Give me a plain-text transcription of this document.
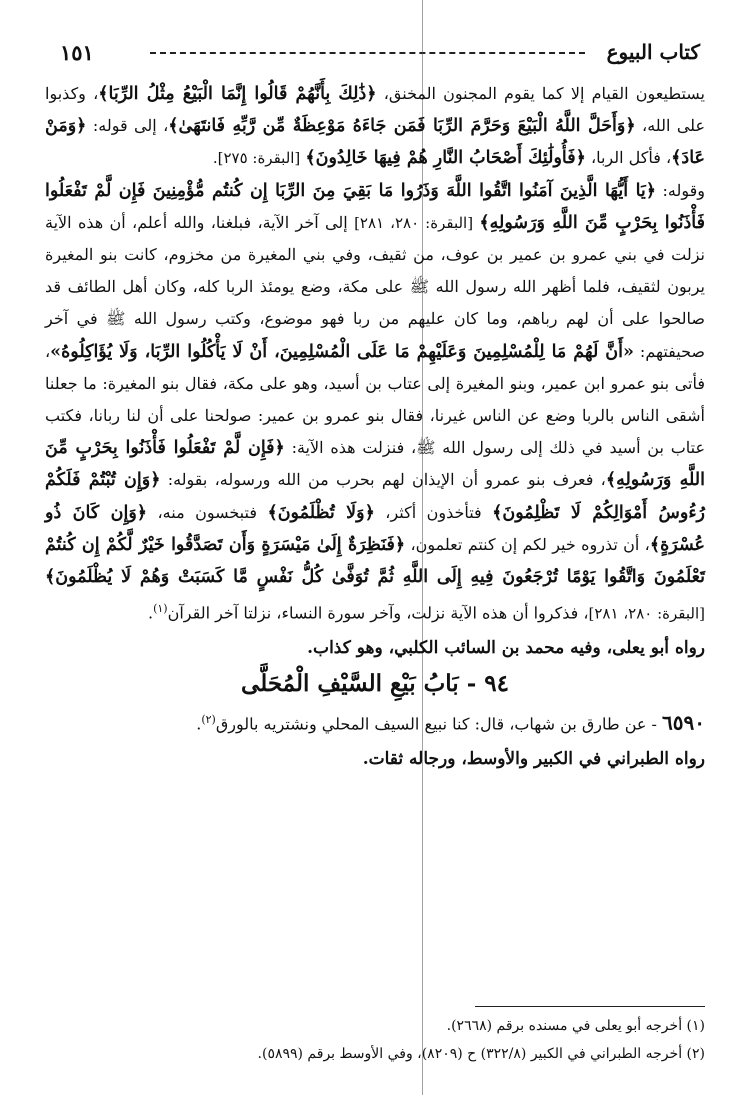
كتاب البيوع
١٥١

يستطيعون القيام إلا كما يقوم المجنون المخنق، ﴿ذَٰلِكَ بِأَنَّهُمْ قَالُوا إِنَّمَا الْبَيْعُ مِثْلُ الرِّبَا﴾، وكذبوا على الله، ﴿وَأَحَلَّ اللَّهُ الْبَيْعَ وَحَرَّمَ الرِّبَا فَمَن جَاءَهُ مَوْعِظَةٌ مِّن رَّبِّهِ فَانتَهَىٰ﴾، إلى قوله: ﴿وَمَنْ عَادَ﴾، فأكل الربا، ﴿فَأُولَٰئِكَ أَصْحَابُ النَّارِ هُمْ فِيهَا خَالِدُونَ﴾ [البقرة: ٢٧٥].

وقوله: ﴿يَا أَيُّهَا الَّذِينَ آمَنُوا اتَّقُوا اللَّهَ وَذَرُوا مَا بَقِيَ مِنَ الرِّبَا إِن كُنتُم مُّؤْمِنِينَ فَإِن لَّمْ تَفْعَلُوا فَأْذَنُوا بِحَرْبٍ مِّنَ اللَّهِ وَرَسُولِهِ﴾ [البقرة: ٢٨٠، ٢٨١] إلى آخر الآية، فبلغنا، والله أعلم، أن هذه الآية نزلت في بني عمرو بن عمير بن عوف، من ثقيف، وفي بني المغيرة من مخزوم، كانت بنو المغيرة يربون لثقيف، فلما أظهر الله رسول الله ﷺ على مكة، وضع يومئذ الربا كله، وكان أهل الطائف قد صالحوا على أن لهم رباهم، وما كان عليهم من ربا فهو موضوع، وكتب رسول الله ﷺ في آخر صحيفتهم: «أَنَّ لَهُمْ مَا لِلْمُسْلِمِينَ وَعَلَيْهِمْ مَا عَلَى الْمُسْلِمِينَ، أَنْ لَا يَأْكُلُوا الرِّبَا، وَلَا يُؤَاكِلُوهُ»، فأتى بنو عمرو ابن عمير، وبنو المغيرة إلى عتاب بن أسيد، وهو على مكة، فقال بنو المغيرة: ما جعلنا أشقى الناس بالربا وضع عن الناس غيرنا، فقال بنو عمرو بن عمير: صولحنا على أن لنا ربانا، فكتب عتاب بن أسيد في ذلك إلى رسول الله ﷺ، فنزلت هذه الآية: ﴿فَإِن لَّمْ تَفْعَلُوا فَأْذَنُوا بِحَرْبٍ مِّنَ اللَّهِ وَرَسُولِهِ﴾، فعرف بنو عمرو أن الإيذان لهم بحرب من الله ورسوله، بقوله: ﴿وَإِن تُبْتُمْ فَلَكُمْ رُءُوسُ أَمْوَالِكُمْ لَا تَظْلِمُونَ﴾ فتأخذون أكثر، ﴿وَلَا تُظْلَمُونَ﴾ فتبخسون منه، ﴿وَإِن كَانَ ذُو عُسْرَةٍ﴾، أن تذروه خير لكم إن كنتم تعلمون، ﴿فَنَظِرَةٌ إِلَىٰ مَيْسَرَةٍ وَأَن تَصَدَّقُوا خَيْرٌ لَّكُمْ إِن كُنتُمْ تَعْلَمُونَ وَاتَّقُوا يَوْمًا تُرْجَعُونَ فِيهِ إِلَى اللَّهِ ثُمَّ تُوَفَّىٰ كُلُّ نَفْسٍ مَّا كَسَبَتْ وَهُمْ لَا يُظْلَمُونَ﴾ [البقرة: ٢٨٠، ٢٨١]، فذكروا أن هذه الآية نزلت، وآخر سورة النساء، نزلتا آخر القرآن$^{(١)}$.

رواه أبو يعلى، وفيه محمد بن السائب الكلبي، وهو كذاب.

٩٤ - بَابُ بَيْعِ السَّيْفِ الْمُحَلَّى

٦٥٩٠ - عن طارق بن شهاب، قال: كنا نبيع السيف المحلي ونشتريه بالورق$^{(٢)}$.

رواه الطبراني في الكبير والأوسط، ورجاله ثقات.

(١) أخرجه أبو يعلى في مسنده برقم (٢٦٦٨).

(٢) أخرجه الطبراني في الكبير (٣٢٢/٨) ح (٨٢٠٩)، وفي الأوسط برقم (٥٨٩٩).
